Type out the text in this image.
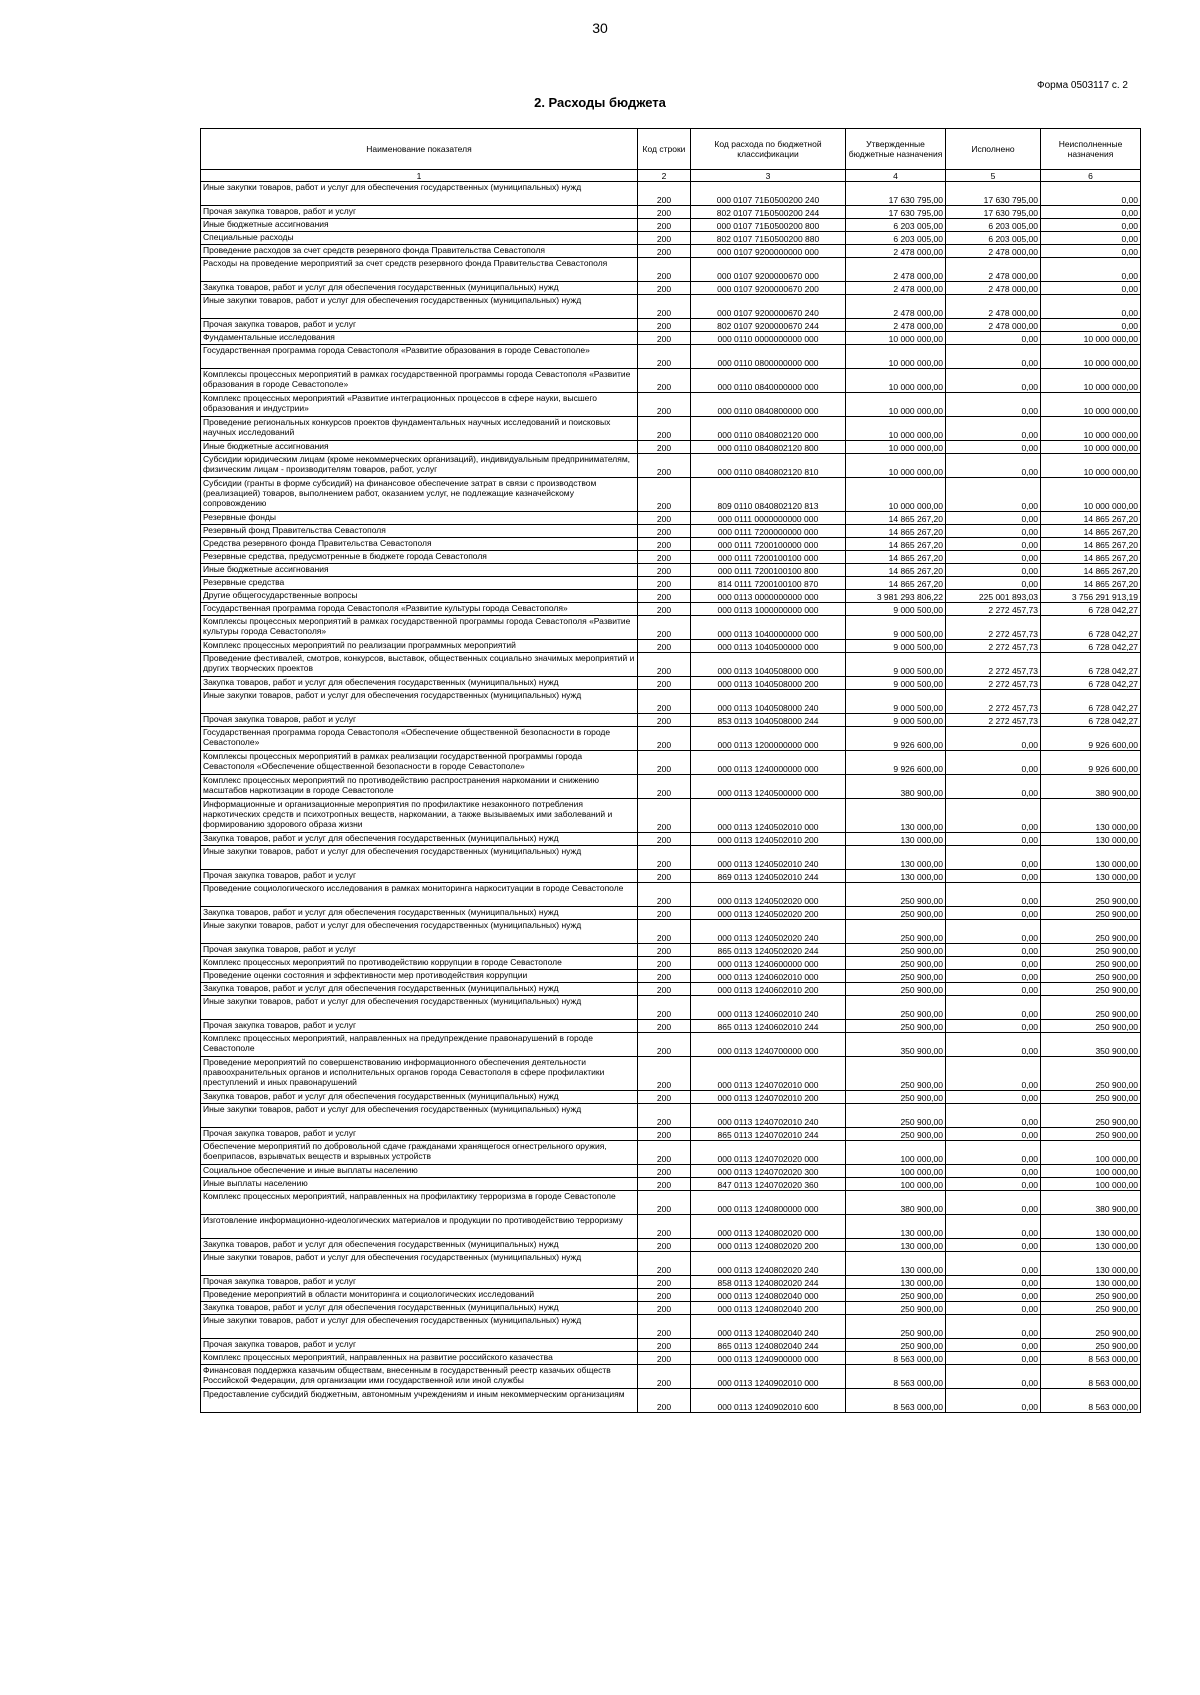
30
Форма 0503117 с. 2
2. Расходы бюджета
Наименование показателя	Код строки	Код расхода по бюджетной классификации	Утвержденные бюджетные назначения	Исполнено	Неисполненные назначения
1	2	3	4	5	6
Иные закупки товаров, работ и услуг для обеспечения государственных (муниципальных) нужд	200	000 0107 71Б0500200 240	17 630 795,00	17 630 795,00	0,00
Прочая закупка товаров, работ и услуг	200	802 0107 71Б0500200 244	17 630 795,00	17 630 795,00	0,00
Иные бюджетные ассигнования	200	000 0107 71Б0500200 800	6 203 005,00	6 203 005,00	0,00
Специальные расходы	200	802 0107 71Б0500200 880	6 203 005,00	6 203 005,00	0,00
Проведение расходов за счет средств резервного фонда Правительства Севастополя	200	000 0107 9200000000 000	2 478 000,00	2 478 000,00	0,00
Расходы на проведение мероприятий за счет средств резервного фонда Правительства Севастополя	200	000 0107 9200000670 000	2 478 000,00	2 478 000,00	0,00
Закупка товаров, работ и услуг для обеспечения государственных (муниципальных) нужд	200	000 0107 9200000670 200	2 478 000,00	2 478 000,00	0,00
Иные закупки товаров, работ и услуг для обеспечения государственных (муниципальных) нужд	200	000 0107 9200000670 240	2 478 000,00	2 478 000,00	0,00
Прочая закупка товаров, работ и услуг	200	802 0107 9200000670 244	2 478 000,00	2 478 000,00	0,00
Фундаментальные исследования	200	000 0110 0000000000 000	10 000 000,00	0,00	10 000 000,00
Государственная программа города Севастополя «Развитие образования в городе Севастополе»	200	000 0110 0800000000 000	10 000 000,00	0,00	10 000 000,00
Комплексы процессных мероприятий в рамках государственной программы города Севастополя «Развитие образования в городе Севастополе»	200	000 0110 0840000000 000	10 000 000,00	0,00	10 000 000,00
Комплекс процессных мероприятий «Развитие интеграционных процессов в сфере науки, высшего образования и индустрии»	200	000 0110 0840800000 000	10 000 000,00	0,00	10 000 000,00
Проведение региональных конкурсов проектов фундаментальных научных исследований и поисковых научных исследований	200	000 0110 0840802120 000	10 000 000,00	0,00	10 000 000,00
Иные бюджетные ассигнования	200	000 0110 0840802120 800	10 000 000,00	0,00	10 000 000,00
Субсидии юридическим лицам (кроме некоммерческих организаций), индивидуальным предпринимателям, физическим лицам - производителям товаров, работ, услуг	200	000 0110 0840802120 810	10 000 000,00	0,00	10 000 000,00
Субсидии (гранты в форме субсидий) на финансовое обеспечение затрат в связи с производством (реализацией) товаров, выполнением работ, оказанием услуг, не подлежащие казначейскому сопровождению	200	809 0110 0840802120 813	10 000 000,00	0,00	10 000 000,00
Резервные фонды	200	000 0111 0000000000 000	14 865 267,20	0,00	14 865 267,20
Резервный фонд Правительства Севастополя	200	000 0111 7200000000 000	14 865 267,20	0,00	14 865 267,20
Средства резервного фонда Правительства Севастополя	200	000 0111 7200100000 000	14 865 267,20	0,00	14 865 267,20
Резервные средства, предусмотренные в бюджете города Севастополя	200	000 0111 7200100100 000	14 865 267,20	0,00	14 865 267,20
Иные бюджетные ассигнования	200	000 0111 7200100100 800	14 865 267,20	0,00	14 865 267,20
Резервные средства	200	814 0111 7200100100 870	14 865 267,20	0,00	14 865 267,20
Другие общегосударственные вопросы	200	000 0113 0000000000 000	3 981 293 806,22	225 001 893,03	3 756 291 913,19
Государственная программа города Севастополя «Развитие культуры города Севастополя»	200	000 0113 1000000000 000	9 000 500,00	2 272 457,73	6 728 042,27
Комплексы процессных мероприятий в рамках государственной программы города Севастополя «Развитие культуры города Севастополя»	200	000 0113 1040000000 000	9 000 500,00	2 272 457,73	6 728 042,27
Комплекс процессных мероприятий по реализации программных мероприятий	200	000 0113 1040500000 000	9 000 500,00	2 272 457,73	6 728 042,27
Проведение фестивалей, смотров, конкурсов, выставок, общественных социально значимых мероприятий и других творческих проектов	200	000 0113 1040508000 000	9 000 500,00	2 272 457,73	6 728 042,27
Закупка товаров, работ и услуг для обеспечения государственных (муниципальных) нужд	200	000 0113 1040508000 200	9 000 500,00	2 272 457,73	6 728 042,27
Иные закупки товаров, работ и услуг для обеспечения государственных (муниципальных) нужд	200	000 0113 1040508000 240	9 000 500,00	2 272 457,73	6 728 042,27
Прочая закупка товаров, работ и услуг	200	853 0113 1040508000 244	9 000 500,00	2 272 457,73	6 728 042,27
Государственная программа города Севастополя «Обеспечение общественной безопасности в городе Севастополе»	200	000 0113 1200000000 000	9 926 600,00	0,00	9 926 600,00
Комплексы процессных мероприятий в рамках реализации государственной программы города Севастополя «Обеспечение общественной безопасности в городе Севастополе»	200	000 0113 1240000000 000	9 926 600,00	0,00	9 926 600,00
Комплекс процессных мероприятий по противодействию распространения наркомании и снижению масштабов наркотизации в городе Севастополе	200	000 0113 1240500000 000	380 900,00	0,00	380 900,00
Информационные и организационные мероприятия по профилактике незаконного потребления наркотических средств и психотропных веществ, наркомании, а также вызываемых ими заболеваний и формированию здорового образа жизни	200	000 0113 1240502010 000	130 000,00	0,00	130 000,00
Закупка товаров, работ и услуг для обеспечения государственных (муниципальных) нужд	200	000 0113 1240502010 200	130 000,00	0,00	130 000,00
Иные закупки товаров, работ и услуг для обеспечения государственных (муниципальных) нужд	200	000 0113 1240502010 240	130 000,00	0,00	130 000,00
Прочая закупка товаров, работ и услуг	200	869 0113 1240502010 244	130 000,00	0,00	130 000,00
Проведение социологического исследования в рамках мониторинга наркоситуации в городе Севастополе	200	000 0113 1240502020 000	250 900,00	0,00	250 900,00
Закупка товаров, работ и услуг для обеспечения государственных (муниципальных) нужд	200	000 0113 1240502020 200	250 900,00	0,00	250 900,00
Иные закупки товаров, работ и услуг для обеспечения государственных (муниципальных) нужд	200	000 0113 1240502020 240	250 900,00	0,00	250 900,00
Прочая закупка товаров, работ и услуг	200	865 0113 1240502020 244	250 900,00	0,00	250 900,00
Комплекс процессных мероприятий по противодействию коррупции в городе Севастополе	200	000 0113 1240600000 000	250 900,00	0,00	250 900,00
Проведение оценки состояния и эффективности мер противодействия коррупции	200	000 0113 1240602010 000	250 900,00	0,00	250 900,00
Закупка товаров, работ и услуг для обеспечения государственных (муниципальных) нужд	200	000 0113 1240602010 200	250 900,00	0,00	250 900,00
Иные закупки товаров, работ и услуг для обеспечения государственных (муниципальных) нужд	200	000 0113 1240602010 240	250 900,00	0,00	250 900,00
Прочая закупка товаров, работ и услуг	200	865 0113 1240602010 244	250 900,00	0,00	250 900,00
Комплекс процессных мероприятий, направленных на предупреждение правонарушений в городе Севастополе	200	000 0113 1240700000 000	350 900,00	0,00	350 900,00
Проведение мероприятий по совершенствованию информационного обеспечения деятельности правоохранительных органов и исполнительных органов города Севастополя в сфере профилактики преступлений и иных правонарушений	200	000 0113 1240702010 000	250 900,00	0,00	250 900,00
Закупка товаров, работ и услуг для обеспечения государственных (муниципальных) нужд	200	000 0113 1240702010 200	250 900,00	0,00	250 900,00
Иные закупки товаров, работ и услуг для обеспечения государственных (муниципальных) нужд	200	000 0113 1240702010 240	250 900,00	0,00	250 900,00
Прочая закупка товаров, работ и услуг	200	865 0113 1240702010 244	250 900,00	0,00	250 900,00
Обеспечение мероприятий по добровольной сдаче гражданами хранящегося огнестрельного оружия, боеприпасов, взрывчатых веществ и взрывных устройств	200	000 0113 1240702020 000	100 000,00	0,00	100 000,00
Социальное обеспечение и иные выплаты населению	200	000 0113 1240702020 300	100 000,00	0,00	100 000,00
Иные выплаты населению	200	847 0113 1240702020 360	100 000,00	0,00	100 000,00
Комплекс процессных мероприятий, направленных на профилактику терроризма в городе Севастополе	200	000 0113 1240800000 000	380 900,00	0,00	380 900,00
Изготовление информационно-идеологических материалов и продукции по противодействию терроризму	200	000 0113 1240802020 000	130 000,00	0,00	130 000,00
Закупка товаров, работ и услуг для обеспечения государственных (муниципальных) нужд	200	000 0113 1240802020 200	130 000,00	0,00	130 000,00
Иные закупки товаров, работ и услуг для обеспечения государственных (муниципальных) нужд	200	000 0113 1240802020 240	130 000,00	0,00	130 000,00
Прочая закупка товаров, работ и услуг	200	858 0113 1240802020 244	130 000,00	0,00	130 000,00
Проведение мероприятий в области мониторинга и социологических исследований	200	000 0113 1240802040 000	250 900,00	0,00	250 900,00
Закупка товаров, работ и услуг для обеспечения государственных (муниципальных) нужд	200	000 0113 1240802040 200	250 900,00	0,00	250 900,00
Иные закупки товаров, работ и услуг для обеспечения государственных (муниципальных) нужд	200	000 0113 1240802040 240	250 900,00	0,00	250 900,00
Прочая закупка товаров, работ и услуг	200	865 0113 1240802040 244	250 900,00	0,00	250 900,00
Комплекс процессных мероприятий, направленных на развитие российского казачества	200	000 0113 1240900000 000	8 563 000,00	0,00	8 563 000,00
Финансовая поддержка казачьим обществам, внесенным в государственный реестр казачьих обществ Российской Федерации, для организации ими государственной или иной службы	200	000 0113 1240902010 000	8 563 000,00	0,00	8 563 000,00
Предоставление субсидий бюджетным, автономным учреждениям и иным некоммерческим организациям	200	000 0113 1240902010 600	8 563 000,00	0,00	8 563 000,00
